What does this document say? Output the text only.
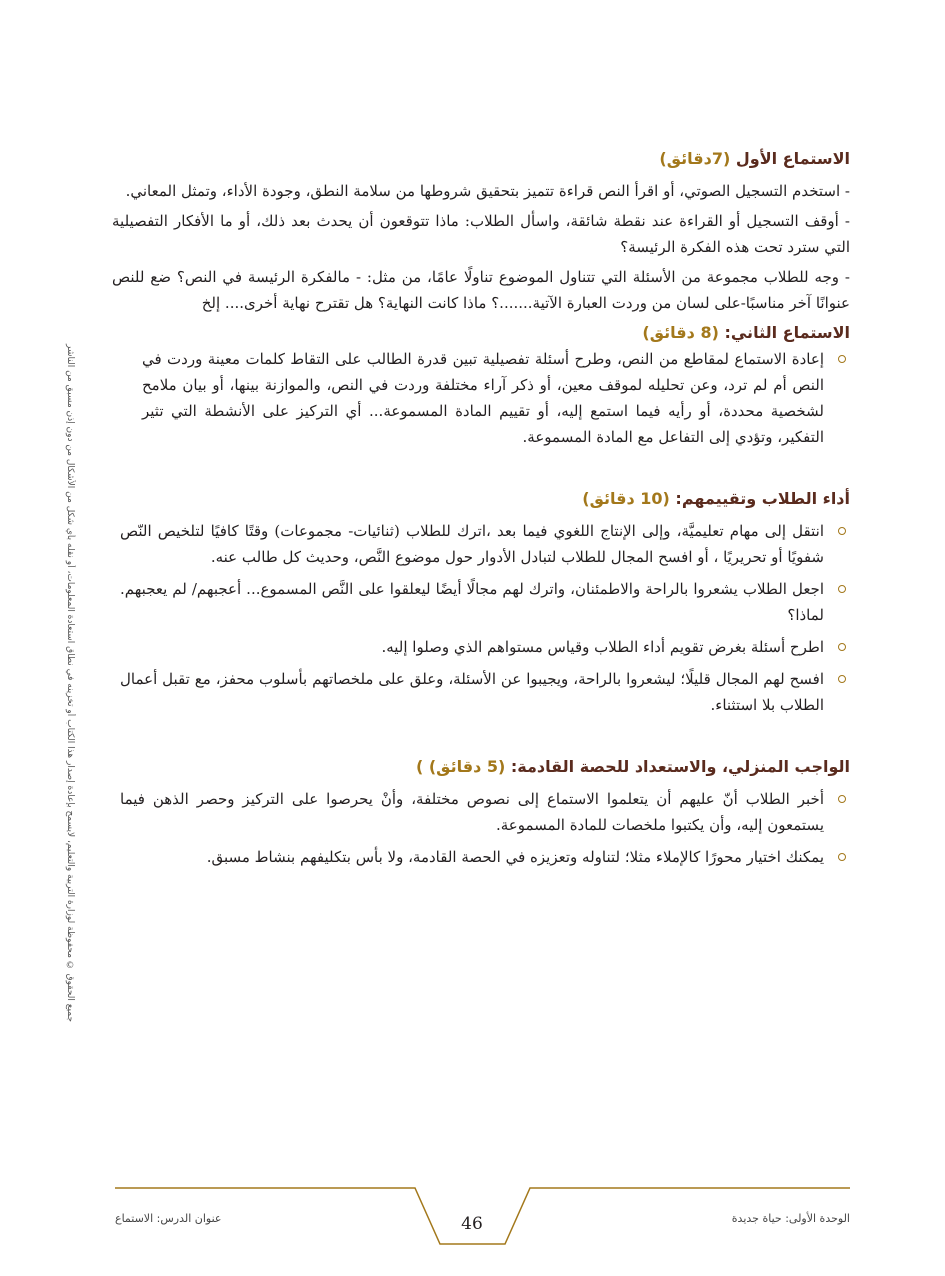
جميع الحقوق © محفوظة لوزارة التربية والتعليم، لايسمح بإعادة إصدار هذا الكتاب أو تخزينه في نطاق استعادة المعلومات، أو نقله بأي شكل من الأشكال من دون إذن مسبق من الناشر
الاستماع الأول (7دقائق)

- استخدم التسجيل الصوتي، أو اقرأ النص قراءة تتميز بتحقيق شروطها من سلامة النطق، وجودة الأداء، وتمثل المعاني.

- أوقف التسجيل أو القراءة عند نقطة شائقة، واسأل الطلاب: ماذا تتوقعون أن يحدث بعد ذلك، أو ما الأفكار التفصيلية التي سترد تحت هذه الفكرة الرئيسة؟

- وجه للطلاب مجموعة من الأسئلة التي تتناول الموضوع تناولًا عامًا، من مثل: - مالفكرة الرئيسة في النص؟ ضع للنص عنوانًا آخر مناسبًا-على لسان من وردت العبارة الآتية.......؟ ماذا كانت النهاية؟ هل تقترح نهاية أخرى.... إلخ

الاستماع الثاني: (8 دقائق)
إعادة الاستماع لمقاطع من النص، وطرح أسئلة تفصيلية تبين قدرة الطالب على التقاط كلمات معينة وردت في النص أم لم ترد، وعن تحليله لموقف معين، أو ذكر آراء مختلفة وردت في النص، والموازنة بينها، أو بيان ملامح لشخصية محددة، أو رأيه فيما استمع إليه، أو تقييم المادة المسموعة... أي التركيز على الأنشطة التي تثير التفكير، وتؤدي إلى التفاعل مع المادة المسموعة.
أداء الطلاب وتقييمهم: (10 دقائق)
انتقل إلى مهام تعليميَّة، وإلى الإنتاج اللغوي فيما بعد ،اترك للطلاب (ثنائيات- مجموعات) وقتًا كافيًا لتلخيص النّص شفويًا أو تحريريًا ، أو افسح المجال للطلاب لتبادل الأدوار حول موضوع النَّص، وحديث كل طالب عنه.
اجعل الطلاب يشعروا بالراحة والاطمئنان، واترك لهم مجالًا أيضًا ليعلقوا على النَّص المسموع... أعجبهم/ لم يعجبهم. لماذا؟
اطرح أسئلة بغرض تقويم أداء الطلاب وقياس مستواهم الذي وصلوا إليه.
افسح لهم المجال قليلًا؛ ليشعروا بالراحة، ويجيبوا عن الأسئلة، وعلق على ملخصاتهم بأسلوب محفز، مع تقبل أعمال الطلاب بلا استثناء.
الواجب المنزلي، والاستعداد للحصة القادمة: (5 دقائق) )
أخبر الطلاب أنّ عليهم أن يتعلموا الاستماع إلى نصوص مختلفة، وأنْ يحرصوا على التركيز وحصر الذهن فيما يستمعون إليه، وأن يكتبوا ملخصات للمادة المسموعة.
يمكنك اختيار محورًا كالإملاء مثلا؛ لتناوله وتعزيزه في الحصة القادمة، ولا بأس بتكليفهم بنشاط مسبق.
46	الوحدة الأولى: حياة جديدة
عنوان الدرس: الاستماع
